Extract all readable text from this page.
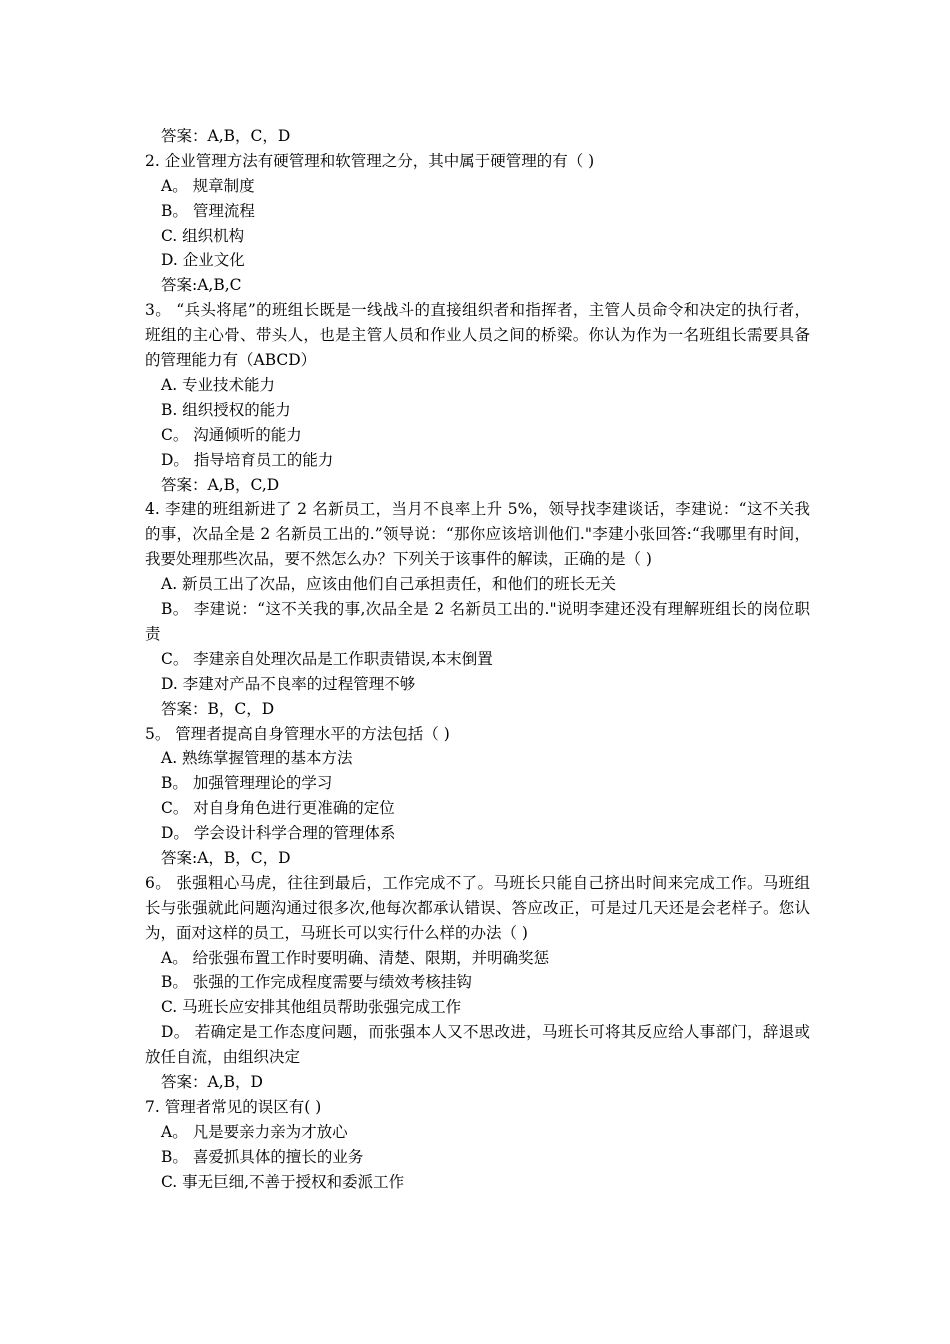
答案：A,B，C，D
2. 企业管理方法有硬管理和软管理之分，其中属于硬管理的有（ )
A。 规章制度
B。 管理流程
C. 组织机构
D. 企业文化
答案:A,B,C
3。 “兵头将尾”的班组长既是一线战斗的直接组织者和指挥者，主管人员命令和决定的执行者，班组的主心骨、带头人，也是主管人员和作业人员之间的桥梁。你认为作为一名班组长需要具备的管理能力有（ABCD）
A. 专业技术能力
B. 组织授权的能力
C。 沟通倾听的能力
D。 指导培育员工的能力
答案：A,B，C,D
4. 李建的班组新进了 2 名新员工，当月不良率上升 5%，领导找李建谈话，李建说：“这不关我的事，次品全是 2 名新员工出的.”领导说：“那你应该培训他们."李建小张回答:“我哪里有时间，我要处理那些次品，要不然怎么办？下列关于该事件的解读，正确的是（ )
A. 新员工出了次品，应该由他们自己承担责任，和他们的班长无关
B。 李建说：“这不关我的事,次品全是 2 名新员工出的."说明李建还没有理解班组长的岗位职责
C。 李建亲自处理次品是工作职责错误,本末倒置
D. 李建对产品不良率的过程管理不够
答案：B，C，D
5。 管理者提高自身管理水平的方法包括（ )
A. 熟练掌握管理的基本方法
B。 加强管理理论的学习
C。 对自身角色进行更准确的定位
D。 学会设计科学合理的管理体系
答案:A，B，C，D
6。 张强粗心马虎，往往到最后，工作完成不了。马班长只能自己挤出时间来完成工作。马班组长与张强就此问题沟通过很多次,他每次都承认错误、答应改正，可是过几天还是会老样子。您认为，面对这样的员工，马班长可以实行什么样的办法（ )
A。 给张强布置工作时要明确、清楚、限期，并明确奖惩
B。 张强的工作完成程度需要与绩效考核挂钩
C. 马班长应安排其他组员帮助张强完成工作
D。 若确定是工作态度问题，而张强本人又不思改进，马班长可将其反应给人事部门，辞退或放任自流，由组织决定
答案：A,B，D
7. 管理者常见的误区有( )
A。 凡是要亲力亲为才放心
B。 喜爱抓具体的擅长的业务
C. 事无巨细,不善于授权和委派工作
